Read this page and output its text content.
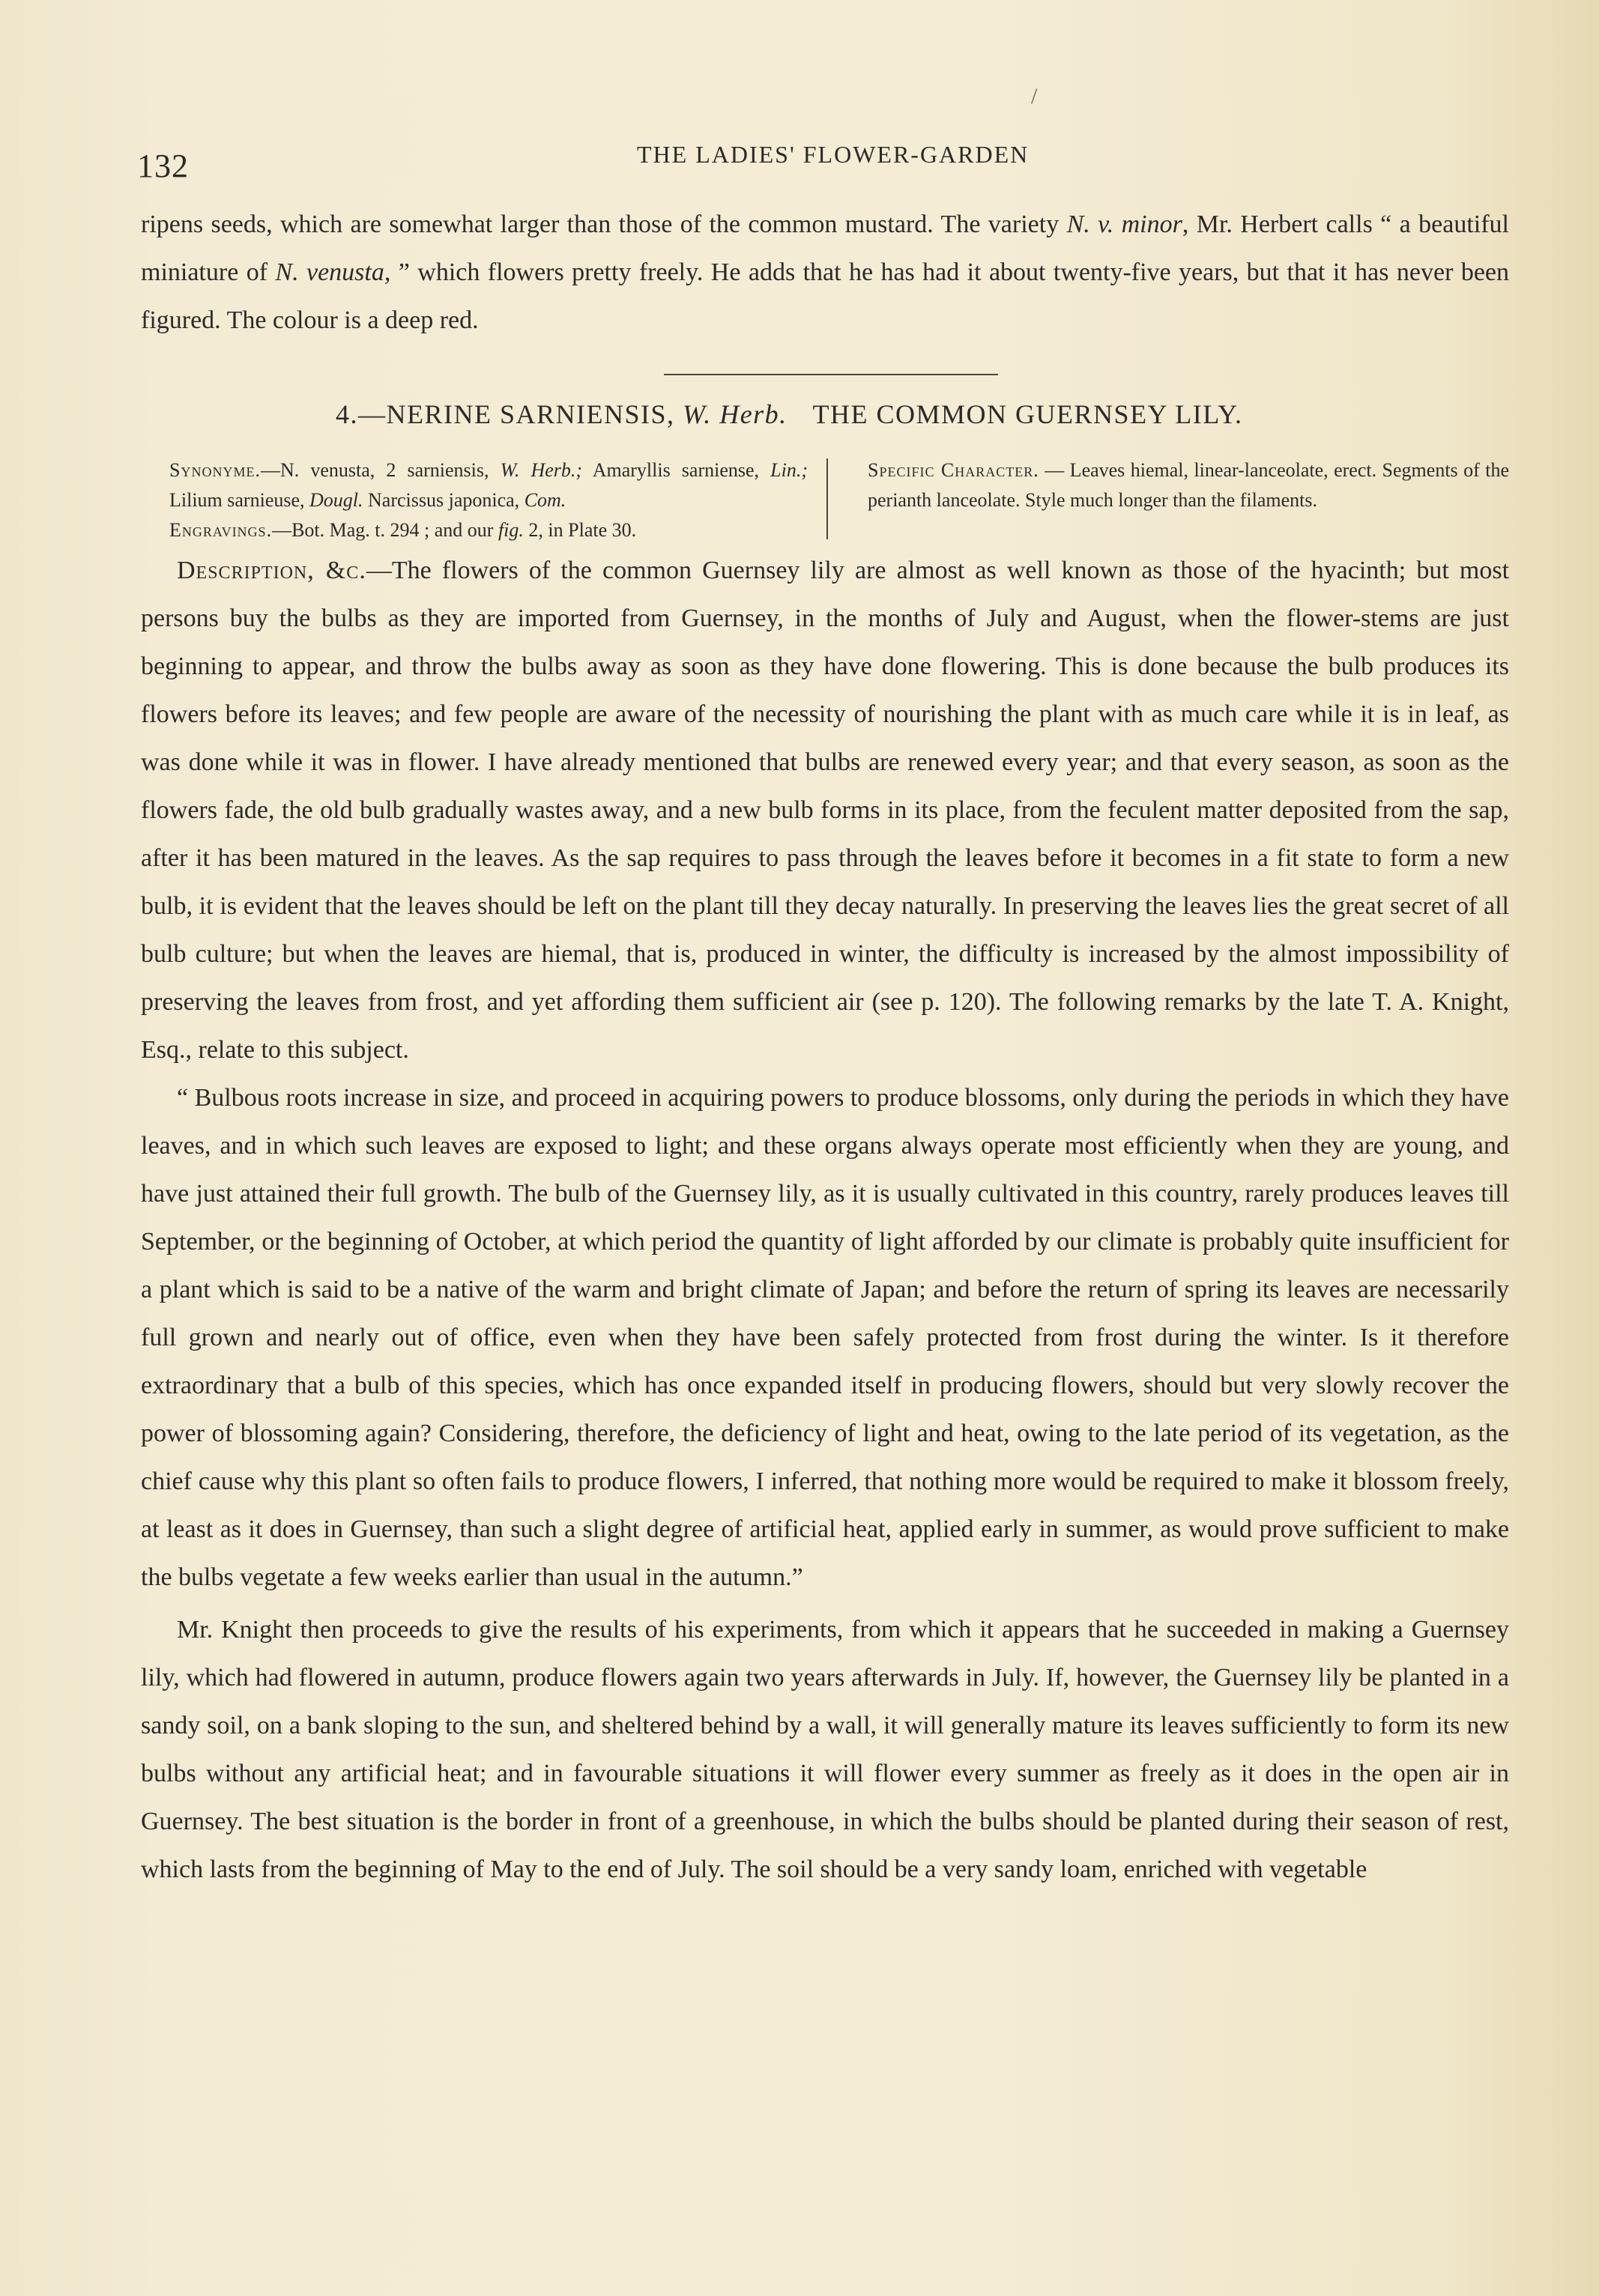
/
132	THE LADIES' FLOWER-GARDEN

ripens seeds, which are somewhat larger than those of the common mustard. The variety N. v. minor, Mr. Herbert calls “ a beautiful miniature of N. venusta, ” which flowers pretty freely. He adds that he has had it about twenty-five years, but that it has never been figured. The colour is a deep red.

4.—NERINE SARNIENSIS, W. Herb. THE COMMON GUERNSEY LILY.

Synonyme.—N. venusta, 2 sarniensis, W. Herb.; Amaryllis sarniense, Lin.; Lilium sarnieuse, Dougl. Narcissus japonica, Com.
Engravings.—Bot. Mag. t. 294 ; and our fig. 2, in Plate 30.

Specific Character. — Leaves hiemal, linear-lanceolate, erect. Segments of the perianth lanceolate. Style much longer than the filaments.

Description, &c.—The flowers of the common Guernsey lily are almost as well known as those of the hyacinth; but most persons buy the bulbs as they are imported from Guernsey, in the months of July and August, when the flower-stems are just beginning to appear, and throw the bulbs away as soon as they have done flowering. This is done because the bulb produces its flowers before its leaves; and few people are aware of the necessity of nourishing the plant with as much care while it is in leaf, as was done while it was in flower. I have already mentioned that bulbs are renewed every year; and that every season, as soon as the flowers fade, the old bulb gradually wastes away, and a new bulb forms in its place, from the feculent matter deposited from the sap, after it has been matured in the leaves. As the sap requires to pass through the leaves before it becomes in a fit state to form a new bulb, it is evident that the leaves should be left on the plant till they decay naturally. In preserving the leaves lies the great secret of all bulb culture; but when the leaves are hiemal, that is, produced in winter, the difficulty is increased by the almost impossibility of preserving the leaves from frost, and yet affording them sufficient air (see p. 120). The following remarks by the late T. A. Knight, Esq., relate to this subject.

“ Bulbous roots increase in size, and proceed in acquiring powers to produce blossoms, only during the periods in which they have leaves, and in which such leaves are exposed to light; and these organs always operate most efficiently when they are young, and have just attained their full growth. The bulb of the Guernsey lily, as it is usually cultivated in this country, rarely produces leaves till September, or the beginning of October, at which period the quantity of light afforded by our climate is probably quite insufficient for a plant which is said to be a native of the warm and bright climate of Japan; and before the return of spring its leaves are necessarily full grown and nearly out of office, even when they have been safely protected from frost during the winter. Is it therefore extraordinary that a bulb of this species, which has once expanded itself in producing flowers, should but very slowly recover the power of blossoming again? Considering, therefore, the deficiency of light and heat, owing to the late period of its vegetation, as the chief cause why this plant so often fails to produce flowers, I inferred, that nothing more would be required to make it blossom freely, at least as it does in Guernsey, than such a slight degree of artificial heat, applied early in summer, as would prove sufficient to make the bulbs vegetate a few weeks earlier than usual in the autumn.”

Mr. Knight then proceeds to give the results of his experiments, from which it appears that he succeeded in making a Guernsey lily, which had flowered in autumn, produce flowers again two years afterwards in July. If, however, the Guernsey lily be planted in a sandy soil, on a bank sloping to the sun, and sheltered behind by a wall, it will generally mature its leaves sufficiently to form its new bulbs without any artificial heat; and in favourable situations it will flower every summer as freely as it does in the open air in Guernsey. The best situation is the border in front of a greenhouse, in which the bulbs should be planted during their season of rest, which lasts from the beginning of May to the end of July. The soil should be a very sandy loam, enriched with vegetable
